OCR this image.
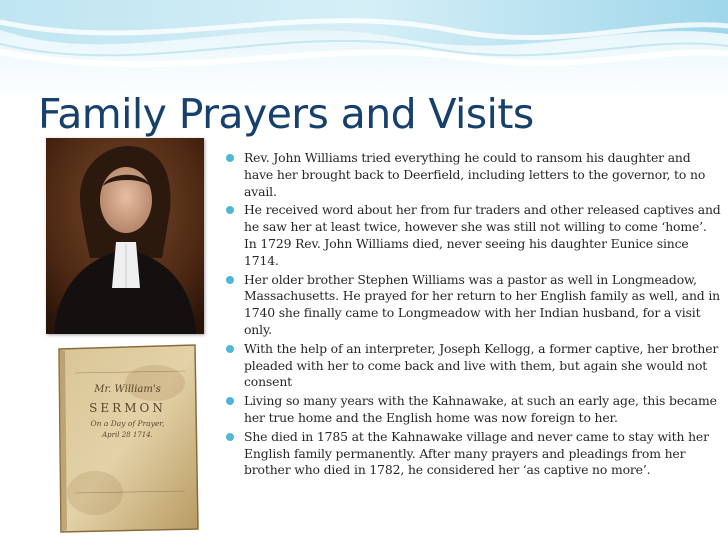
Family Prayers and Visits
Mr. William's
SERMON
On a Day of Prayer,
April 28 1714.
Rev. John Williams tried everything he could to ransom his daughter and have her brought back to Deerfield, including letters to the governor, to no avail.
He received word about her from fur traders and other released captives and he saw her at least twice, however she was still not willing to come ‘home’. In 1729 Rev. John Williams died, never seeing his daughter Eunice since 1714.
Her older brother Stephen Williams was a pastor as well in Longmeadow, Massachusetts. He prayed for her return to her English family as well, and in 1740 she finally came to Longmeadow with her Indian husband, for a visit only.
With the help of an interpreter, Joseph Kellogg, a former captive, her brother pleaded with her to come back and live with them, but again she would not consent
Living so many years with the Kahnawake, at such an early age, this became her true home and the English home was now foreign to her.
She died in 1785 at the Kahnawake village and never came to stay with her English family permanently. After many prayers and pleadings from her brother who died in 1782, he considered her ‘as captive no more’.
